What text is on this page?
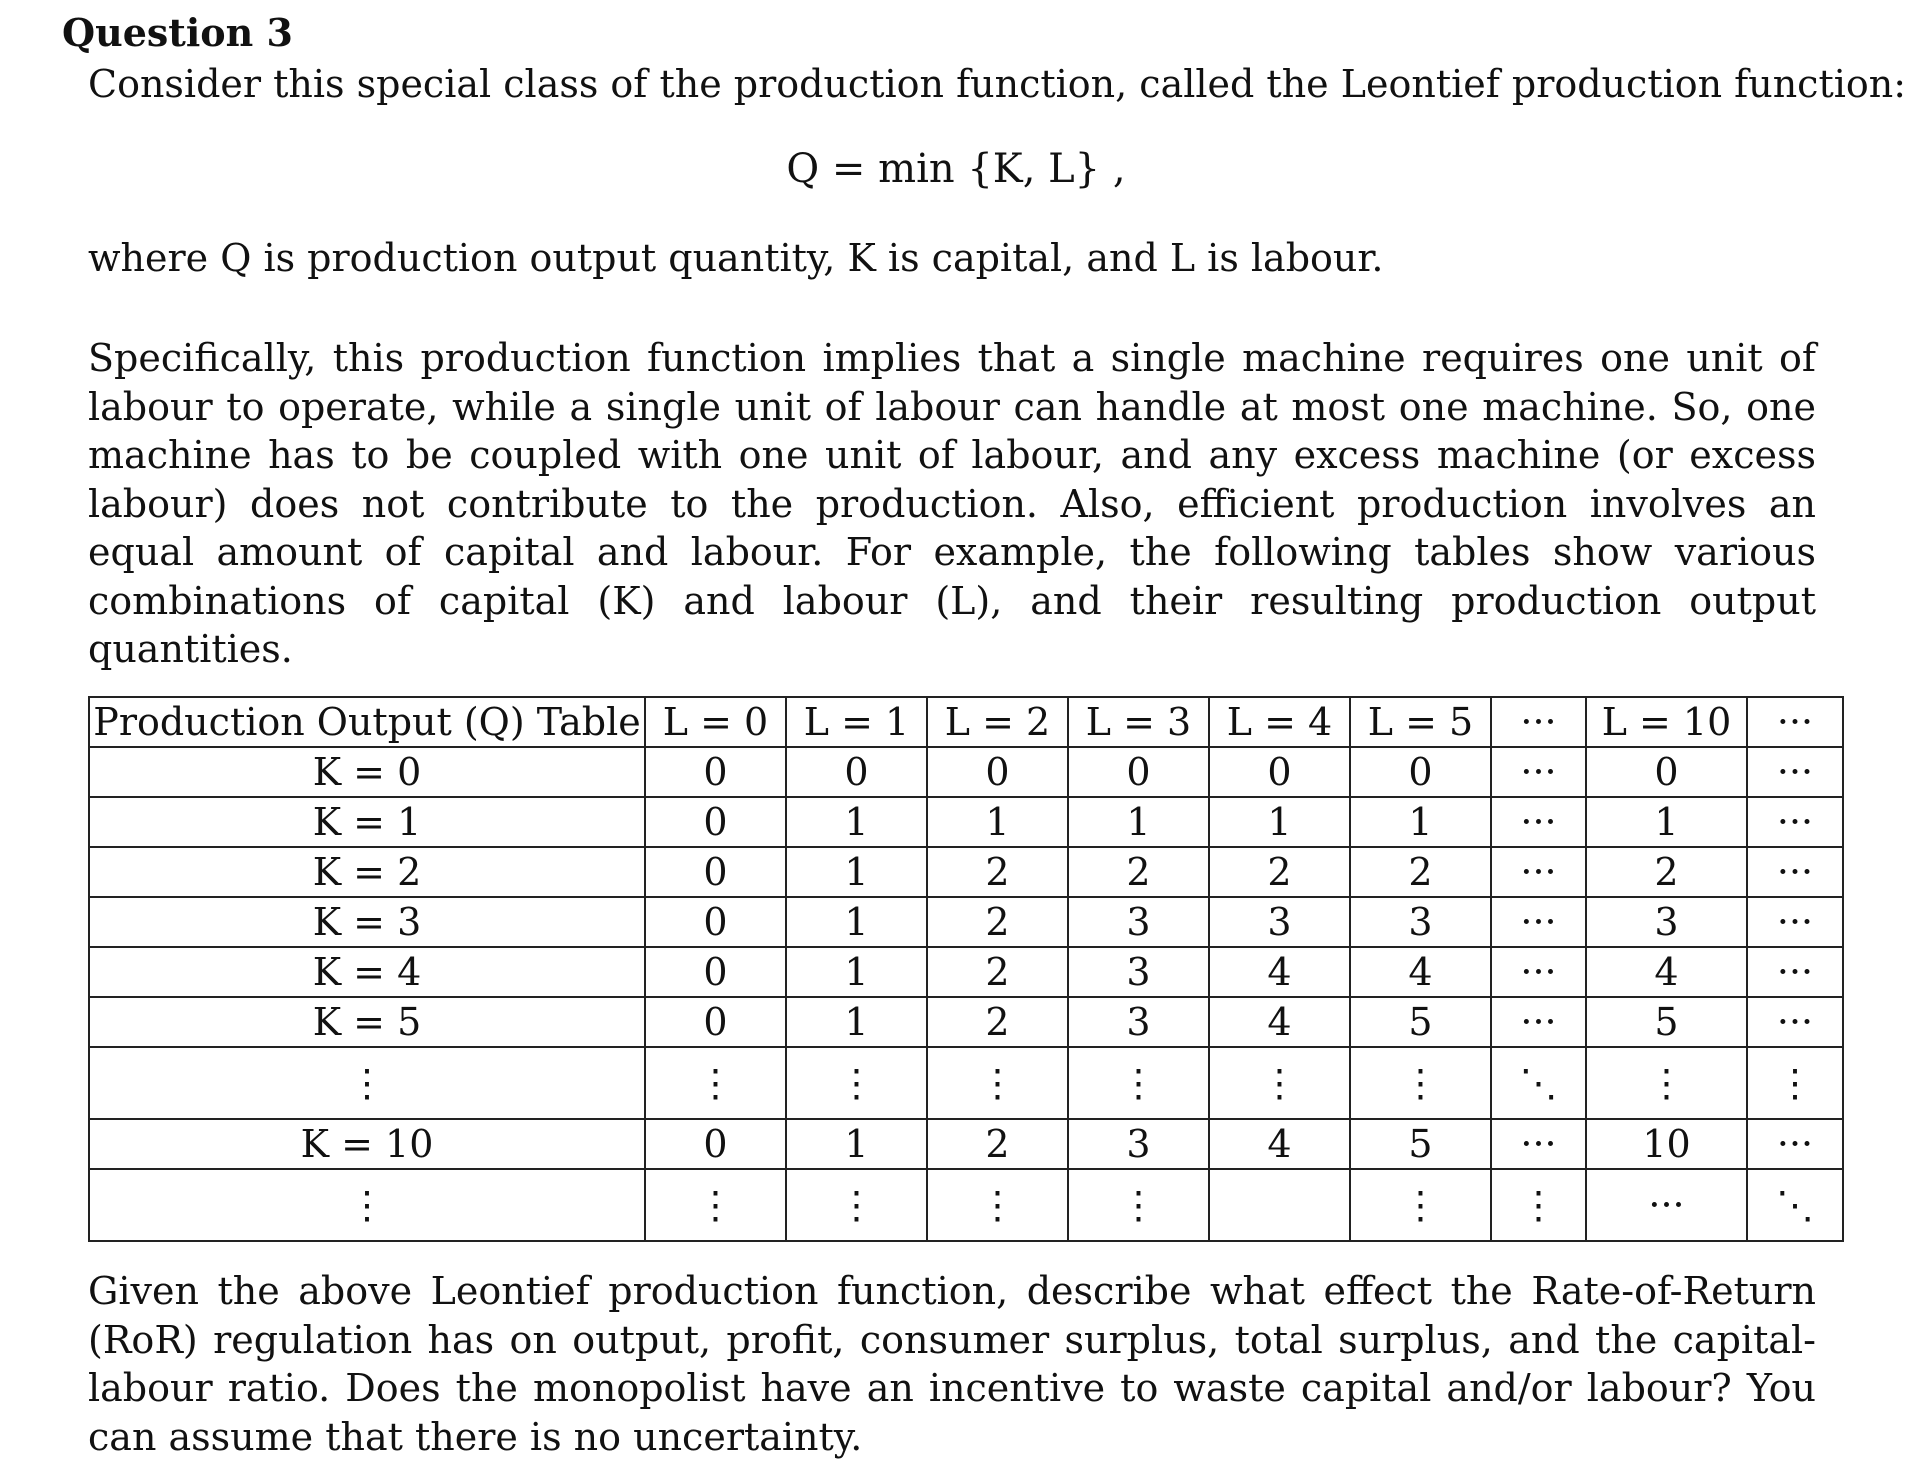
Question 3
Consider this special class of the production function, called the Leontief production function:
Q = min {K, L} ,
where Q is production output quantity, K is capital, and L is labour.
Specifically, this production function implies that a single machine requires one unit of labour to operate, while a single unit of labour can handle at most one machine. So, one machine has to be coupled with one unit of labour, and any excess machine (or excess labour) does not contribute to the production. Also, efficient production involves an equal amount of capital and labour. For example, the following tables show various combinations of capital (K) and labour (L), and their resulting production output quantities.
Production Output (Q) Table	L = 0	L = 1	L = 2	L = 3	L = 4	L = 5	···	L = 10	···
K = 0	0	0	0	0	0	0	···	0	···
K = 1	0	1	1	1	1	1	···	1	···
K = 2	0	1	2	2	2	2	···	2	···
K = 3	0	1	2	3	3	3	···	3	···
K = 4	0	1	2	3	4	4	···	4	···
K = 5	0	1	2	3	4	5	···	5	···
⋮	⋮	⋮	⋮	⋮	⋮	⋮	⋱	⋮	⋮
K = 10	0	1	2	3	4	5	···	10	···
⋮	⋮	⋮	⋮	⋮		⋮	⋮	···	⋱
Given the above Leontief production function, describe what effect the Rate-of-Return (RoR) regulation has on output, profit, consumer surplus, total surplus, and the capital-labour ratio. Does the monopolist have an incentive to waste capital and/or labour? You can assume that there is no uncertainty.
